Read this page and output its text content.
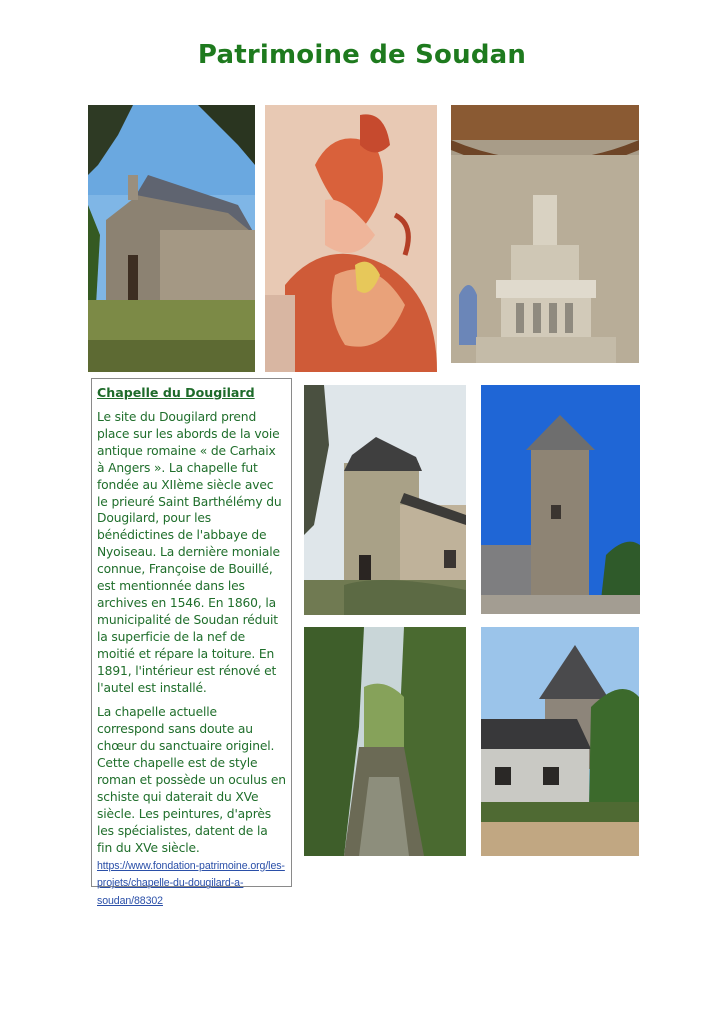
Patrimoine de Soudan
Chapelle du Dougilard

Le site du Dougilard prend place sur les abords de la voie antique romaine « de Carhaix à Angers ». La chapelle fut fondée au XIIème siècle avec le prieuré Saint Barthélémy du Dougilard, pour les bénédictines de l'abbaye de Nyoiseau. La dernière moniale connue, Françoise de Bouillé, est mentionnée dans les archives en 1546. En 1860, la municipalité de Soudan réduit la superficie de la nef de moitié et répare la toiture. En 1891, l'intérieur est rénové et l'autel est installé.

La chapelle actuelle correspond sans doute au chœur du sanctuaire originel. Cette chapelle est de style roman et possède un oculus en schiste qui daterait du XVe siècle. Les peintures, d'après les spécialistes, datent de la fin du XVe siècle. https://www.fondation-patrimoine.org/les-projets/chapelle-du-dougilard-a-soudan/88302
